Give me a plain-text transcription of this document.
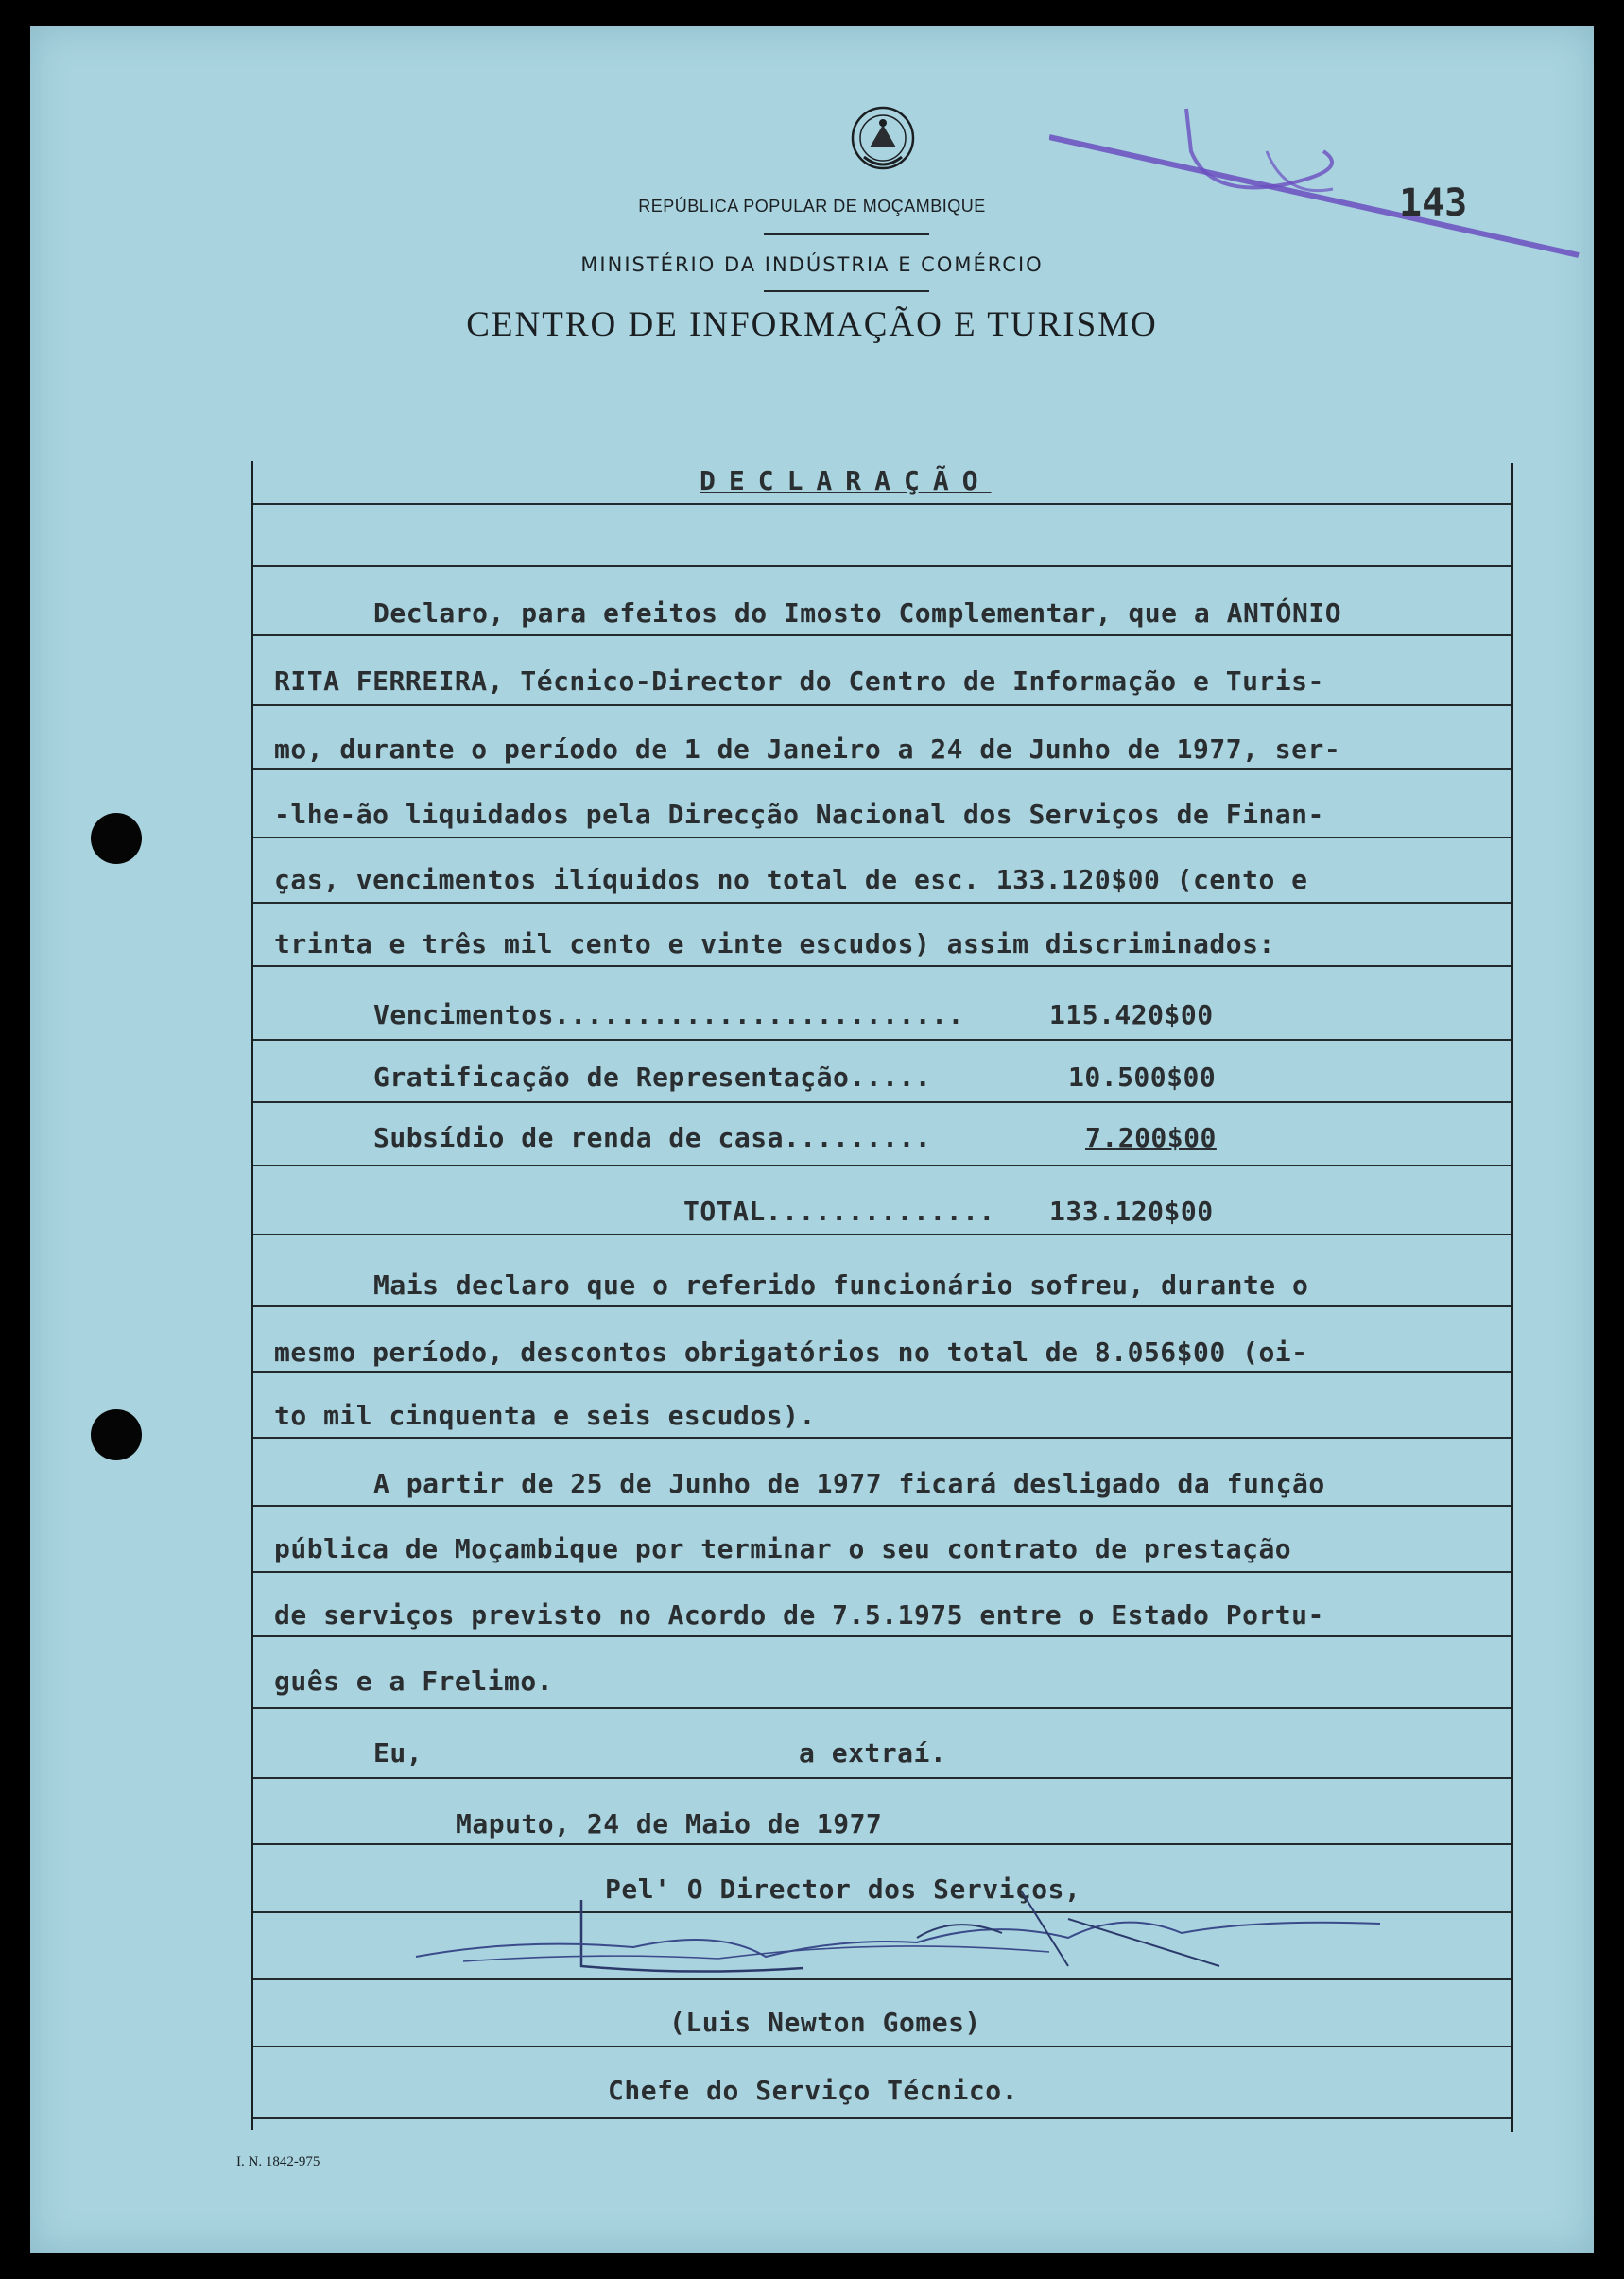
REPÚBLICA POPULAR DE MOÇAMBIQUE
MINISTÉRIO DA INDÚSTRIA E COMÉRCIO
CENTRO DE INFORMAÇÃO E TURISMO
143
DECLARAÇÃO
Declaro, para efeitos do Imosto Complementar, que a ANTÓNIO
RITA FERREIRA, Técnico-Director do Centro de Informação e Turis-
mo, durante o período de 1 de Janeiro a 24 de Junho de 1977, ser-
-lhe-ão liquidados pela Direcção Nacional dos Serviços de Finan-
ças, vencimentos ilíquidos no total de esc. 133.120$00 (cento e
trinta e três mil cento e vinte escudos) assim discriminados:
Vencimentos.........................	115.420$00
Gratificação de Representação.....	10.500$00
Subsídio de renda de casa.........	7.200$00
TOTAL.............. 133.120$00
Mais declaro que o referido funcionário sofreu, durante o
mesmo período, descontos obrigatórios no total de 8.056$00 (oi-
to mil cinquenta e seis escudos).
A partir de 25 de Junho de 1977 ficará desligado da função
pública de Moçambique por terminar o seu contrato de prestação
de serviços previsto no Acordo de 7.5.1975 entre o Estado Portu-
guês e a Frelimo.
Eu,	a extraí.
Maputo, 24 de Maio de 1977
Pel' O Director dos Serviços,
(Luis Newton Gomes)
Chefe do Serviço Técnico.
I. N. 1842-975
